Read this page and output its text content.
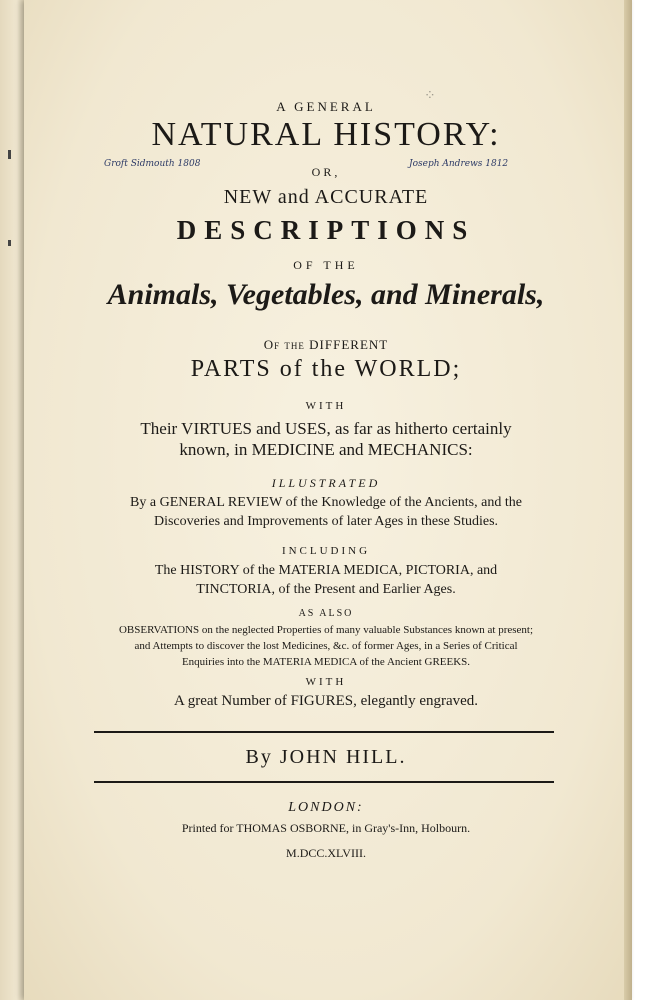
⁘

A GENERAL

NATURAL HISTORY:

Groft Sidmouth 1808	Joseph Andrews 1812

OR,

NEW and ACCURATE

DESCRIPTIONS

OF THE

Animals, Vegetables, and Minerals,

Of the DIFFERENT

PARTS of the WORLD;

WITH

Their VIRTUES and USES, as far as hitherto certainly

known, in MEDICINE and MECHANICS:

ILLUSTRATED

By a GENERAL REVIEW of the Knowledge of the Ancients, and the

Discoveries and Improvements of later Ages in these Studies.

INCLUDING

The HISTORY of the MATERIA MEDICA, PICTORIA, and

TINCTORIA, of the Present and Earlier Ages.

AS ALSO

OBSERVATIONS on the neglected Properties of many valuable Substances known at present;

and Attempts to discover the lost Medicines, &c. of former Ages, in a Series of Critical

Enquiries into the MATERIA MEDICA of the Ancient GREEKS.

WITH

A great Number of FIGURES, elegantly engraved.

By JOHN HILL.

LONDON:

Printed for THOMAS OSBORNE, in Gray's-Inn, Holbourn.

M.DCC.XLVIII.
